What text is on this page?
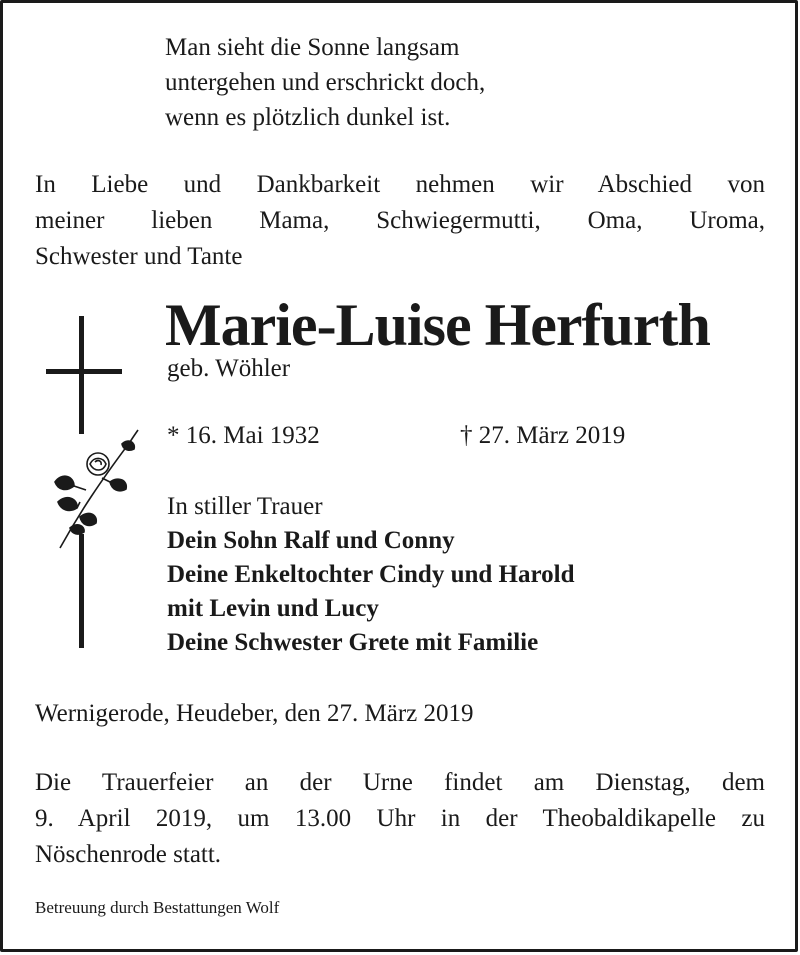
Man sieht die Sonne langsam
untergehen und erschrickt doch,
wenn es plötzlich dunkel ist.
In Liebe und Dankbarkeit nehmen wir Abschied von
meiner lieben Mama, Schwiegermutti, Oma, Uroma,
Schwester und Tante
Marie-Luise Herfurth
geb. Wöhler
* 16. Mai 1932	† 27. März 2019
In stiller Trauer
Dein Sohn Ralf und Conny
Deine Enkeltochter Cindy und Harold
mit Levin und Lucy
Deine Schwester Grete mit Familie
Wernigerode, Heudeber, den 27. März 2019
Die Trauerfeier an der Urne findet am Dienstag, dem
9. April 2019, um 13.00 Uhr in der Theobaldikapelle zu
Nöschenrode statt.
Betreuung durch Bestattungen Wolf
